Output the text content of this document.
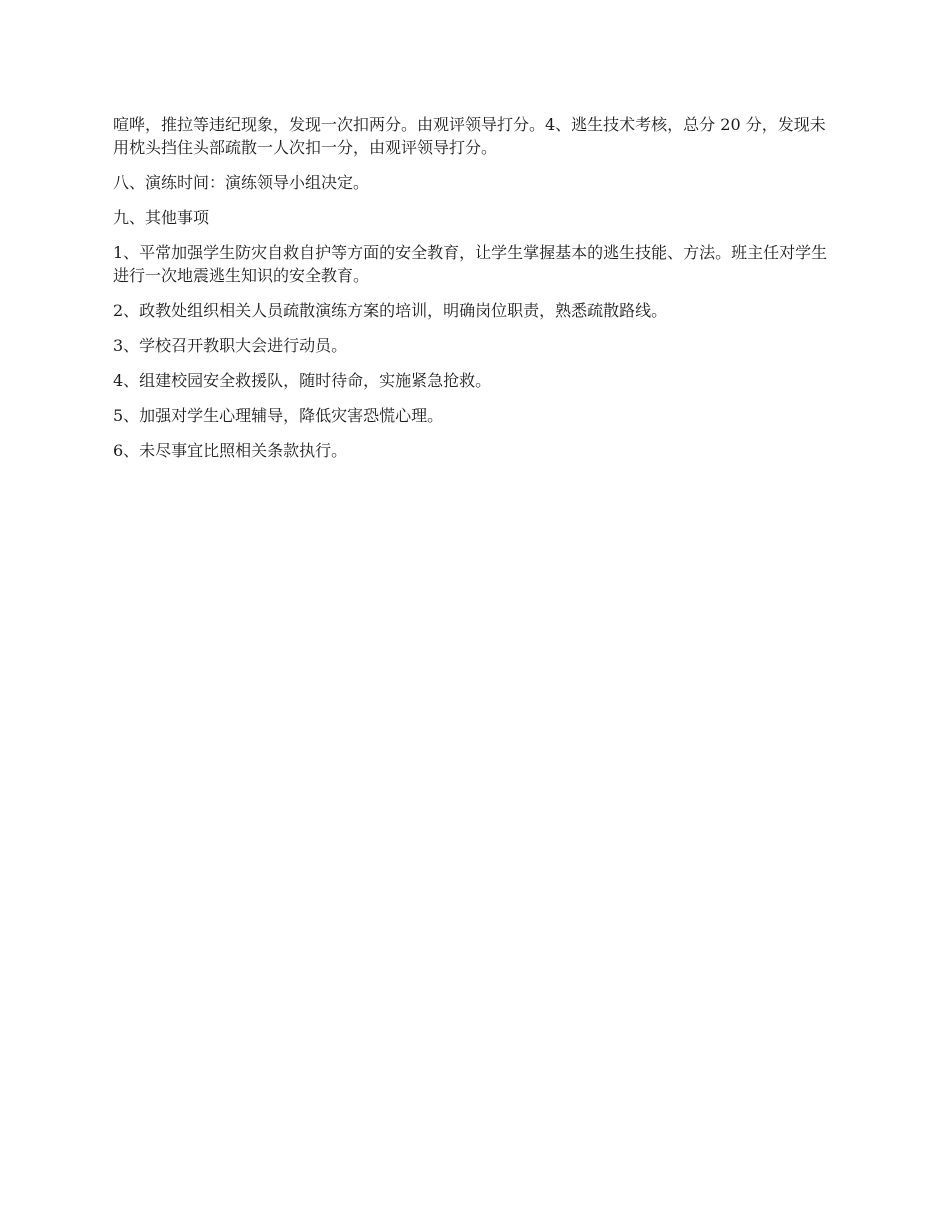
喧哗，推拉等违纪现象，发现一次扣两分。由观评领导打分。4、逃生技术考核，总分 20 分，发现未用枕头挡住头部疏散一人次扣一分，由观评领导打分。

八、演练时间：演练领导小组决定。

九、其他事项

1、平常加强学生防灾自救自护等方面的安全教育，让学生掌握基本的逃生技能、方法。班主任对学生进行一次地震逃生知识的安全教育。

2、政教处组织相关人员疏散演练方案的培训，明确岗位职责，熟悉疏散路线。

3、学校召开教职大会进行动员。

4、组建校园安全救援队，随时待命，实施紧急抢救。

5、加强对学生心理辅导，降低灾害恐慌心理。

6、未尽事宜比照相关条款执行。
